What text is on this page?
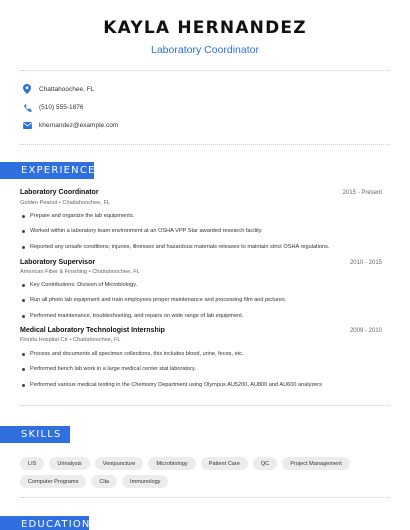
KAYLA HERNANDEZ
Laboratory Coordinator
Chattahoochee, FL
(510) 555-1876
khernandez@example.com
EXPERIENCE
Laboratory Coordinator	2015 - Present
Golden Peanut • Chattahoochee, FL
Prepare and organize the lab equipments.
Worked within a laboratory team environment at an OSHA VPP Star awarded research facility.
Reported any unsafe conditions; injuries, illnesses and hazardous materials releases to maintain strict OSHA regulations.
Laboratory Supervisor	2010 - 2015
American Fiber & Finishing • Chattahoochee, FL
Key Contributions: Division of Microbiology.
Run all photo lab equipment and train employees proper maintenance and processing film and pictures.
Performed maintenance, troubleshooting, and repairs on wide range of lab equipment.
Medical Laboratory Technologist Internship	2009 - 2010
Florida Hospital Ctr • Chattahoochee, FL
Process and documents all specimen collections, this includes blood, urine, feces, etc.
Performed bench lab work in a large medical center stat laboratory.
Performed various medical testing in the Chemistry Department using Olympus AU5200, AU800 and AU600 analyzers
SKILLS
LIS	Urinalysis	Venipuncture	Microbiology	Patient Care	QC	Project Management
Computer Programs	Clia	Immunology
EDUCATION
